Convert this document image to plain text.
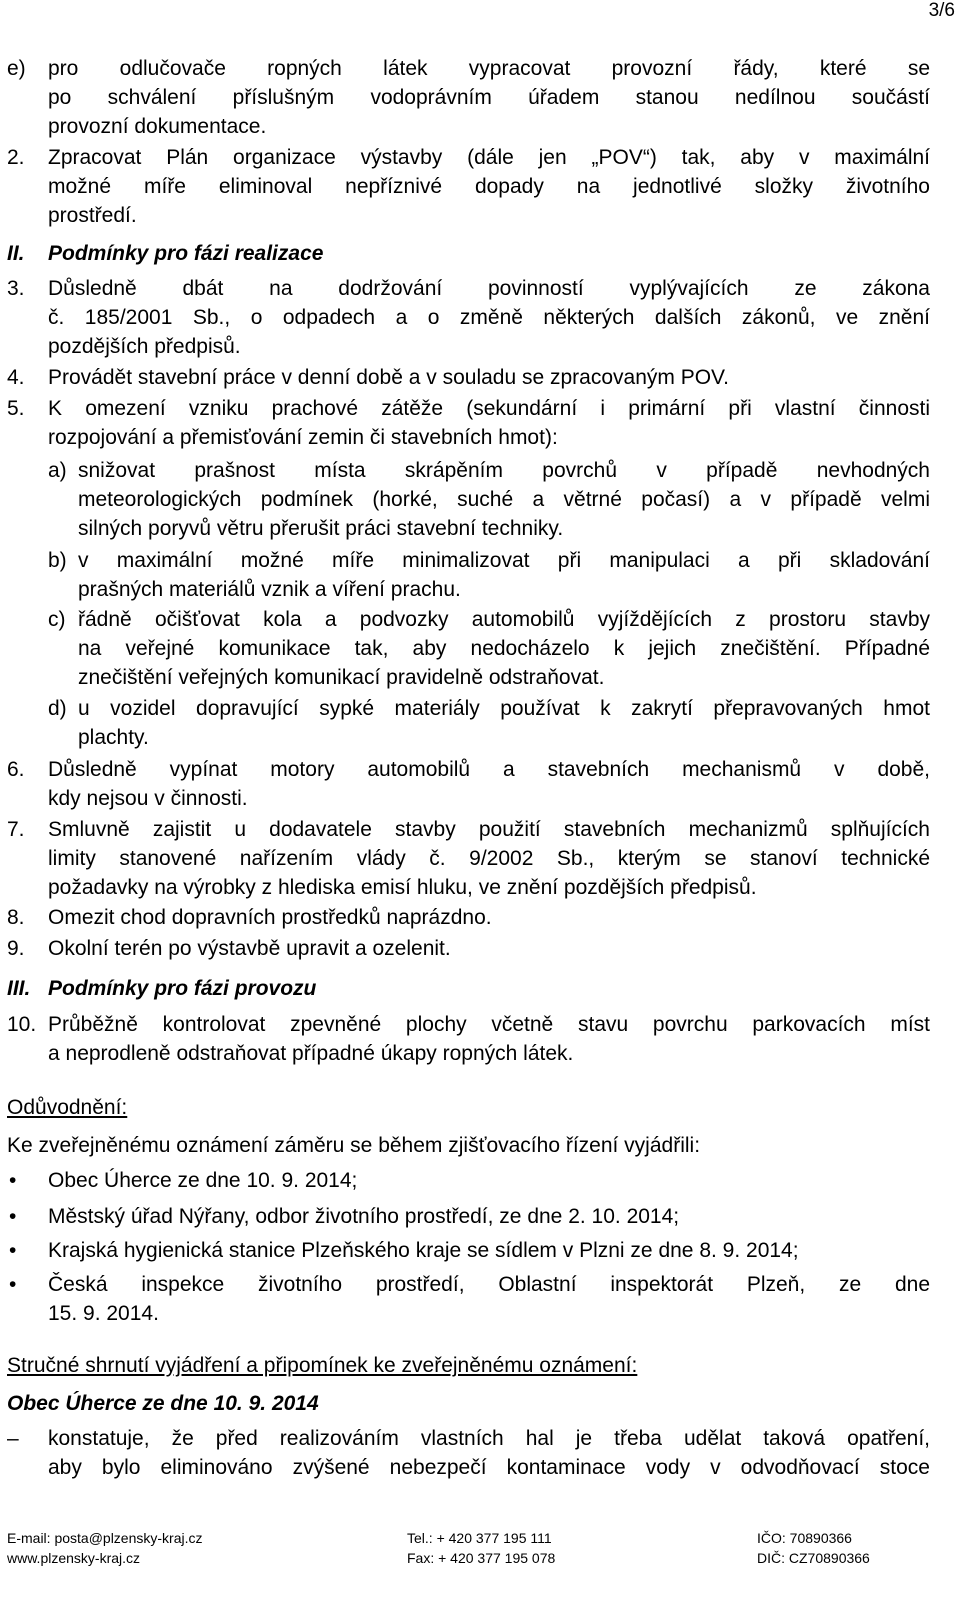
3/6
e) pro odlučovače ropných látek vypracovat provozní řády, které se
po schválení příslušným vodoprávním úřadem stanou nedílnou součástí
provozní dokumentace.
2. Zpracovat Plán organizace výstavby (dále jen „POV“) tak, aby v maximální
možné míře eliminoval nepříznivé dopady na jednotlivé složky životního
prostředí.
II. Podmínky pro fázi realizace
3. Důsledně dbát na dodržování povinností vyplývajících ze zákona
č. 185/2001 Sb., o odpadech a o změně některých dalších zákonů, ve znění
pozdějších předpisů.
4. Provádět stavební práce v denní době a v souladu se zpracovaným POV.
5. K omezení vzniku prachové zátěže (sekundární i primární při vlastní činnosti
rozpojování a přemisťování zemin či stavebních hmot):
a) snižovat prašnost místa skrápěním povrchů v případě nevhodných
meteorologických podmínek (horké, suché a větrné počasí) a v případě velmi
silných poryvů větru přerušit práci stavební techniky.
b) v maximální možné míře minimalizovat při manipulaci a při skladování
prašných materiálů vznik a víření prachu.
c) řádně očišťovat kola a podvozky automobilů vyjíždějících z prostoru stavby
na veřejné komunikace tak, aby nedocházelo k jejich znečištění. Případné
znečištění veřejných komunikací pravidelně odstraňovat.
d) u vozidel dopravující sypké materiály používat k zakrytí přepravovaných hmot
plachty.
6. Důsledně vypínat motory automobilů a stavebních mechanismů v době,
kdy nejsou v činnosti.
7. Smluvně zajistit u dodavatele stavby použití stavebních mechanizmů splňujících
limity stanovené nařízením vlády č. 9/2002 Sb., kterým se stanoví technické
požadavky na výrobky z hlediska emisí hluku, ve znění pozdějších předpisů.
8. Omezit chod dopravních prostředků naprázdno.
9. Okolní terén po výstavbě upravit a ozelenit.
III. Podmínky pro fázi provozu
10. Průběžně kontrolovat zpevněné plochy včetně stavu povrchu parkovacích míst
a neprodleně odstraňovat případné úkapy ropných látek.
Odůvodnění:
Ke zveřejněnému oznámení záměru se během zjišťovacího řízení vyjádřili:
• Obec Úherce ze dne 10. 9. 2014;
• Městský úřad Nýřany, odbor životního prostředí, ze dne 2. 10. 2014;
• Krajská hygienická stanice Plzeňského kraje se sídlem v Plzni ze dne 8. 9. 2014;
• Česká inspekce životního prostředí, Oblastní inspektorát Plzeň, ze dne
15. 9. 2014.
Stručné shrnutí vyjádření a připomínek ke zveřejněnému oznámení:
Obec Úherce ze dne 10. 9. 2014
– konstatuje, že před realizováním vlastních hal je třeba udělat taková opatření,
aby bylo eliminováno zvýšené nebezpečí kontaminace vody v odvodňovací stoce
E-mail: posta@plzensky-kraj.cz
www.plzensky-kraj.cz
Tel.: + 420 377 195 111
Fax: + 420 377 195 078
IČO: 70890366
DIČ: CZ70890366
